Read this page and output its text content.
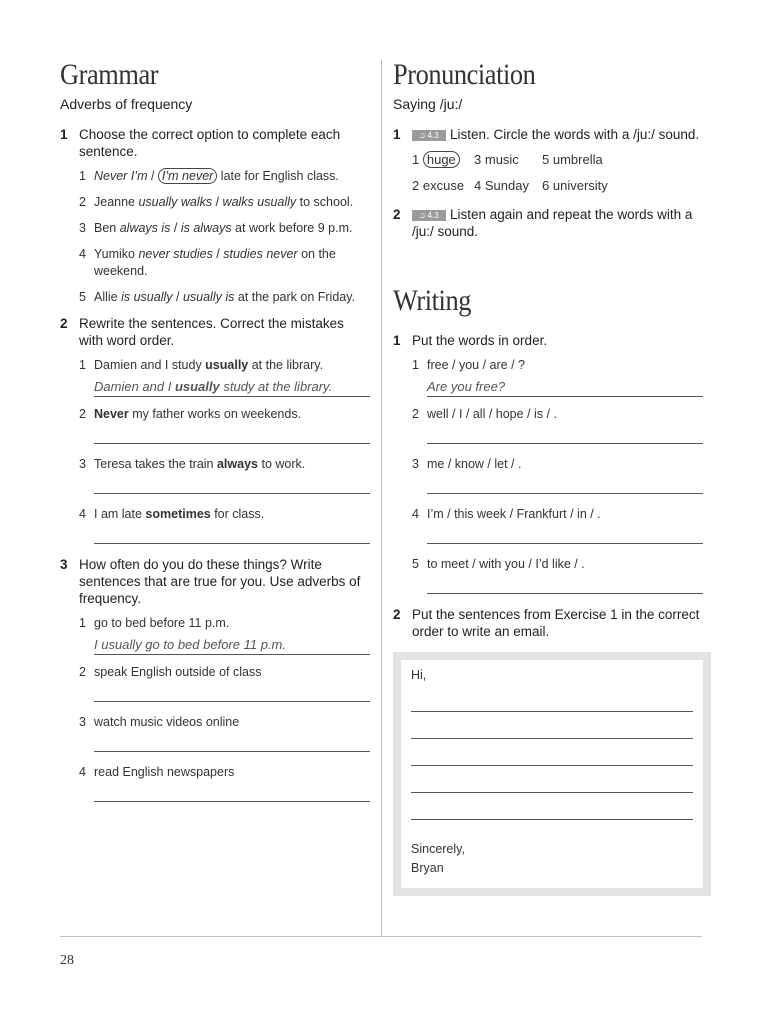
28
Grammar
Adverbs of frequency
1 Choose the correct option to complete each sentence.
1 Never I’m / I’m never late for English class.
2 Jeanne usually walks / walks usually to school.
3 Ben always is / is always at work before 9 p.m.
4 Yumiko never studies / studies never on the weekend.
5 Allie is usually / usually is at the park on Friday.
2 Rewrite the sentences. Correct the mistakes with word order.
1 Damien and I study usually at the library.
Damien and I usually study at the library.
2 Never my father works on weekends.
3 Teresa takes the train always to work.
4 I am late sometimes for class.
3 How often do you do these things? Write sentences that are true for you. Use adverbs of frequency.
1 go to bed before 11 p.m.
I usually go to bed before 11 p.m.
2 speak English outside of class
3 watch music videos online
4 read English newspapers
Pronunciation
Saying /ju:/
1 ♫ 4.3 Listen. Circle the words with a /ju:/ sound.
1 huge	3 music	5 umbrella
2 excuse 4 Sunday	6 university
2 ♫ 4.3 Listen again and repeat the words with a /ju:/ sound.
Writing
1 Put the words in order.
1 free / you / are / ?
Are you free?
2 well / I / all / hope / is / .
3 me / know / let / .
4 I’m / this week / Frankfurt / in / .
5 to meet / with you / I’d like / .
2 Put the sentences from Exercise 1 in the correct order to write an email.
Hi,
Sincerely,
Bryan
